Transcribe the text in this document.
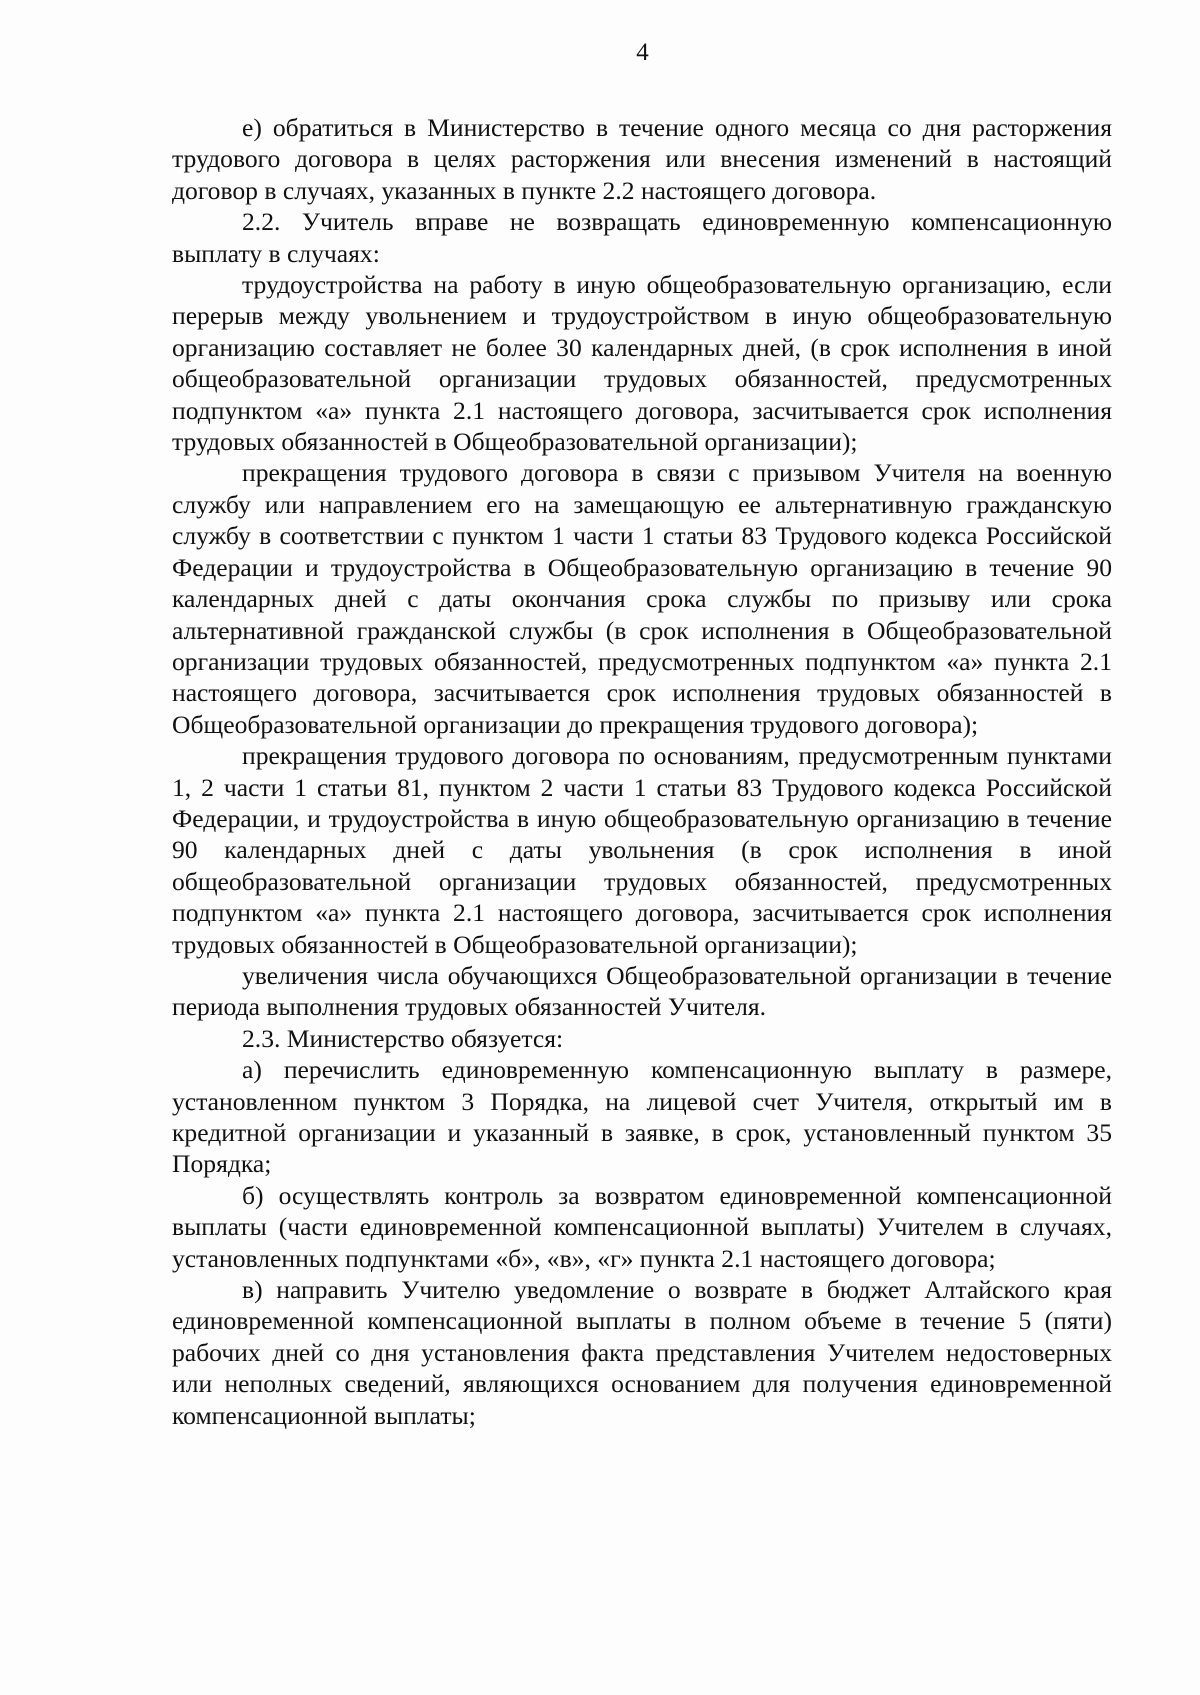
4

е) обратиться в Министерство в течение одного месяца со дня расторжения трудового договора в целях расторжения или внесения изменений в настоящий договор в случаях, указанных в пункте 2.2 настоящего договора.

2.2. Учитель вправе не возвращать единовременную компенсационную выплату в случаях:

трудоустройства на работу в иную общеобразовательную организацию, если перерыв между увольнением и трудоустройством в иную общеобразовательную организацию составляет не более 30 календарных дней, (в срок исполнения в иной общеобразовательной организации трудовых обязанностей, предусмотренных подпунктом «а» пункта 2.1 настоящего договора, засчитывается срок исполнения трудовых обязанностей в Общеобразовательной организации);

прекращения трудового договора в связи с призывом Учителя на военную службу или направлением его на замещающую ее альтернативную гражданскую службу в соответствии с пунктом 1 части 1 статьи 83 Трудового кодекса Российской Федерации и трудоустройства в Общеобразовательную организацию в течение 90 календарных дней с даты окончания срока службы по призыву или срока альтернативной гражданской службы (в срок исполнения в Общеобразовательной организации трудовых обязанностей, предусмотренных подпунктом «а» пункта 2.1 настоящего договора, засчитывается срок исполнения трудовых обязанностей в Общеобразовательной организации до прекращения трудового договора);

прекращения трудового договора по основаниям, предусмотренным пунктами 1, 2 части 1 статьи 81, пунктом 2 части 1 статьи 83 Трудового кодекса Российской Федерации, и трудоустройства в иную общеобразовательную организацию в течение 90 календарных дней с даты увольнения (в срок исполнения в иной общеобразовательной организации трудовых обязанностей, предусмотренных подпунктом «а» пункта 2.1 настоящего договора, засчитывается срок исполнения трудовых обязанностей в Общеобразовательной организации);

увеличения числа обучающихся Общеобразовательной организации в течение периода выполнения трудовых обязанностей Учителя.

2.3. Министерство обязуется:

а) перечислить единовременную компенсационную выплату в размере, установленном пунктом 3 Порядка, на лицевой счет Учителя, открытый им в кредитной организации и указанный в заявке, в срок, установленный пунктом 35 Порядка;

б) осуществлять контроль за возвратом единовременной компенсационной выплаты (части единовременной компенсационной выплаты) Учителем в случаях, установленных подпунктами «б», «в», «г» пункта 2.1 настоящего договора;

в) направить Учителю уведомление о возврате в бюджет Алтайского края единовременной компенсационной выплаты в полном объеме в течение 5 (пяти) рабочих дней со дня установления факта представления Учителем недостоверных или неполных сведений, являющихся основанием для получения единовременной компенсационной выплаты;
